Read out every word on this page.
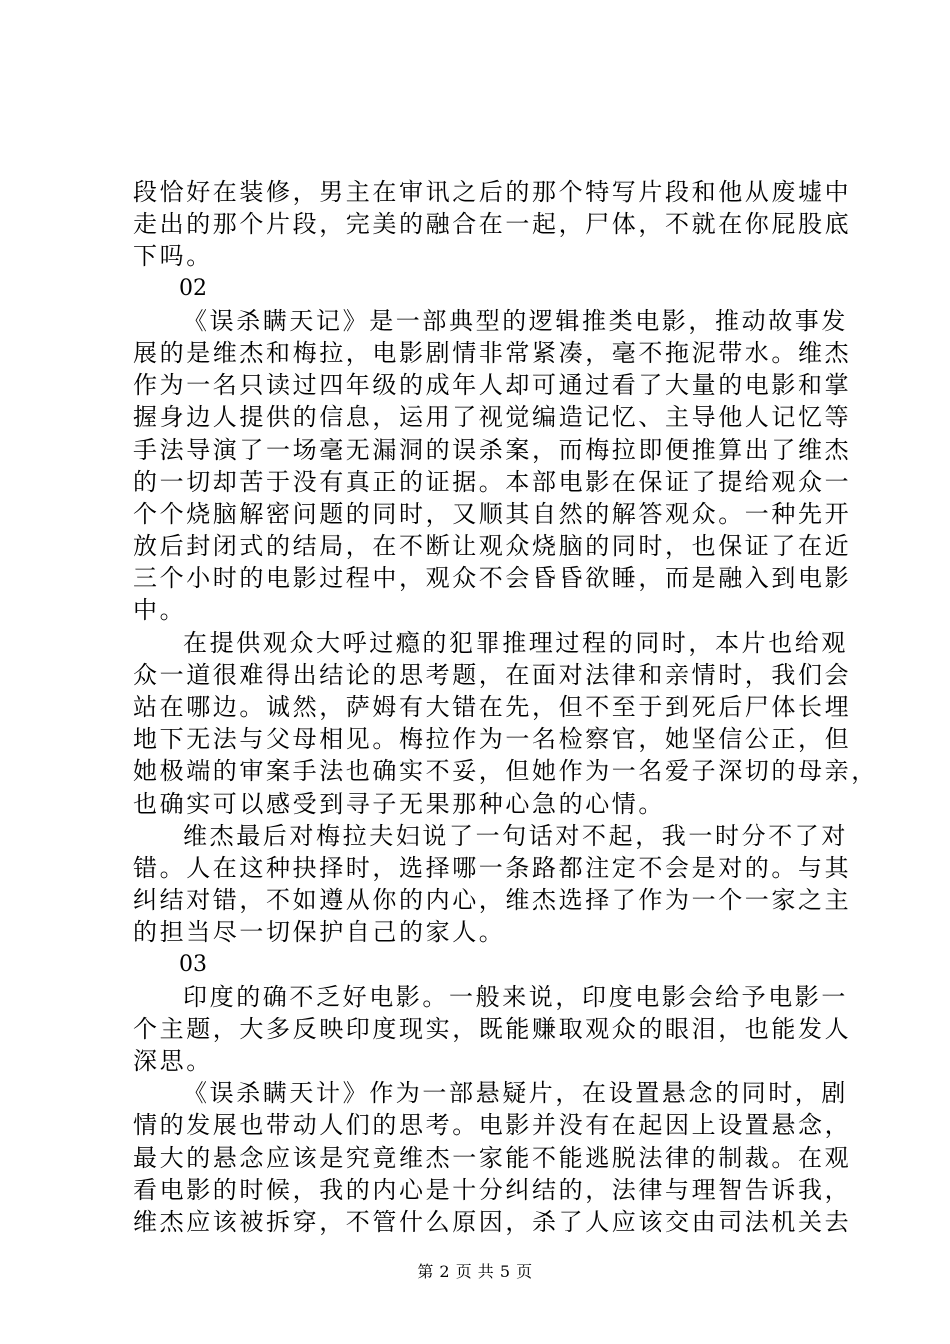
段恰好在装修，男主在审讯之后的那个特写片段和他从废墟中
走出的那个片段，完美的融合在一起，尸体，不就在你屁股底
下吗。
02
《误杀瞒天记》是一部典型的逻辑推类电影，推动故事发
展的是维杰和梅拉，电影剧情非常紧凑，毫不拖泥带水。维杰
作为一名只读过四年级的成年人却可通过看了大量的电影和掌
握身边人提供的信息，运用了视觉编造记忆、主导他人记忆等
手法导演了一场毫无漏洞的误杀案，而梅拉即便推算出了维杰
的一切却苦于没有真正的证据。本部电影在保证了提给观众一
个个烧脑解密问题的同时，又顺其自然的解答观众。一种先开
放后封闭式的结局，在不断让观众烧脑的同时，也保证了在近
三个小时的电影过程中，观众不会昏昏欲睡，而是融入到电影
中。
在提供观众大呼过瘾的犯罪推理过程的同时，本片也给观
众一道很难得出结论的思考题，在面对法律和亲情时，我们会
站在哪边。诚然，萨姆有大错在先，但不至于到死后尸体长埋
地下无法与父母相见。梅拉作为一名检察官，她坚信公正，但
她极端的审案手法也确实不妥，但她作为一名爱子深切的母亲，
也确实可以感受到寻子无果那种心急的心情。
维杰最后对梅拉夫妇说了一句话对不起，我一时分不了对
错。人在这种抉择时，选择哪一条路都注定不会是对的。与其
纠结对错，不如遵从你的内心，维杰选择了作为一个一家之主
的担当尽一切保护自己的家人。
03
印度的确不乏好电影。一般来说，印度电影会给予电影一
个主题，大多反映印度现实，既能赚取观众的眼泪，也能发人
深思。
《误杀瞒天计》作为一部悬疑片，在设置悬念的同时，剧
情的发展也带动人们的思考。电影并没有在起因上设置悬念，
最大的悬念应该是究竟维杰一家能不能逃脱法律的制裁。在观
看电影的时候，我的内心是十分纠结的，法律与理智告诉我，
维杰应该被拆穿，不管什么原因，杀了人应该交由司法机关去
第 2 页 共 5 页
